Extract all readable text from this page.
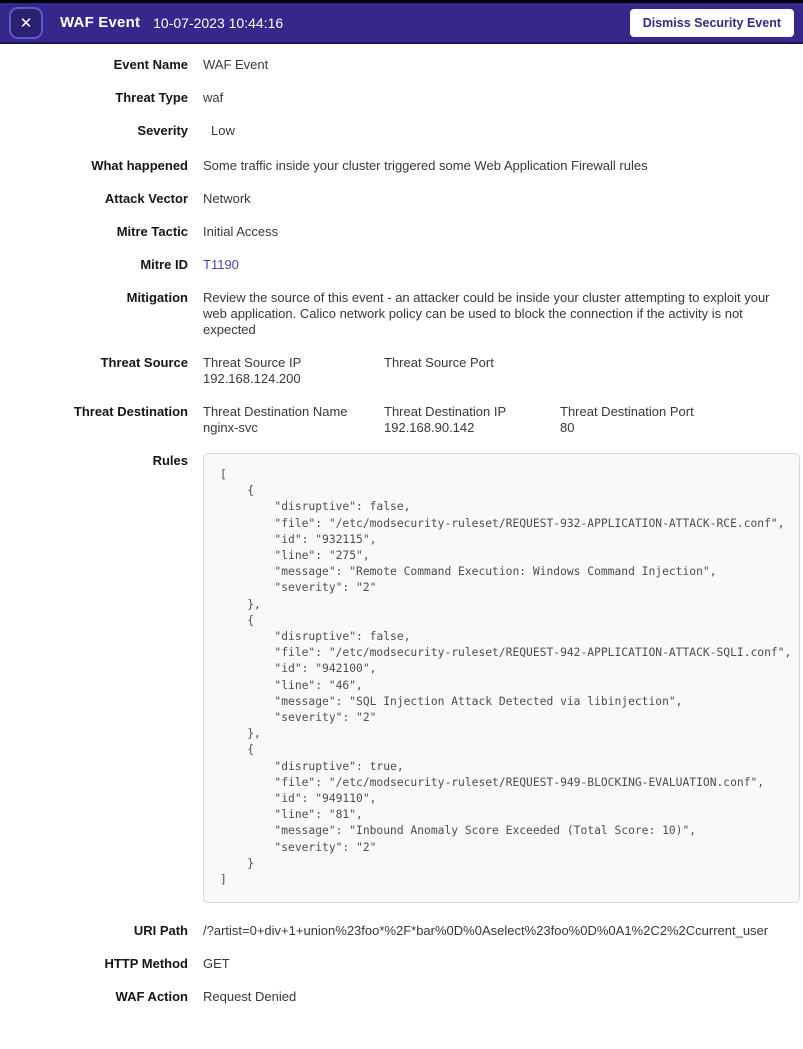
✕ WAF Event 10-07-2023 10:44:16	Dismiss Security Event
Event Name WAF Event
Threat Type waf
Severity	Low
What happened Some traffic inside your cluster triggered some Web Application Firewall rules
Attack Vector Network
Mitre Tactic Initial Access
Mitre ID T1190
Mitigation Review the source of this event - an attacker could be inside your cluster attempting to exploit your web application. Calico network policy can be used to block the connection if the activity is not expected
Threat Source Threat Source IP
192.168.124.200
Threat Source Port
Threat Destination Threat Destination Name
nginx-svc
Threat Destination IP
192.168.90.142
Threat Destination Port
80
Rules
[
{
"disruptive": false,
"file": "/etc/modsecurity-ruleset/REQUEST-932-APPLICATION-ATTACK-RCE.conf",
"id": "932115",
"line": "275",
"message": "Remote Command Execution: Windows Command Injection",
"severity": "2"
},
{
"disruptive": false,
"file": "/etc/modsecurity-ruleset/REQUEST-942-APPLICATION-ATTACK-SQLI.conf",
"id": "942100",
"line": "46",
"message": "SQL Injection Attack Detected via libinjection",
"severity": "2"
},
{
"disruptive": true,
"file": "/etc/modsecurity-ruleset/REQUEST-949-BLOCKING-EVALUATION.conf",
"id": "949110",
"line": "81",
"message": "Inbound Anomaly Score Exceeded (Total Score: 10)",
"severity": "2"
}
]
URI Path /?artist=0+div+1+union%23foo*%2F*bar%0D%0Aselect%23foo%0D%0A1%2C2%2Ccurrent_user
HTTP Method GET
WAF Action Request Denied
